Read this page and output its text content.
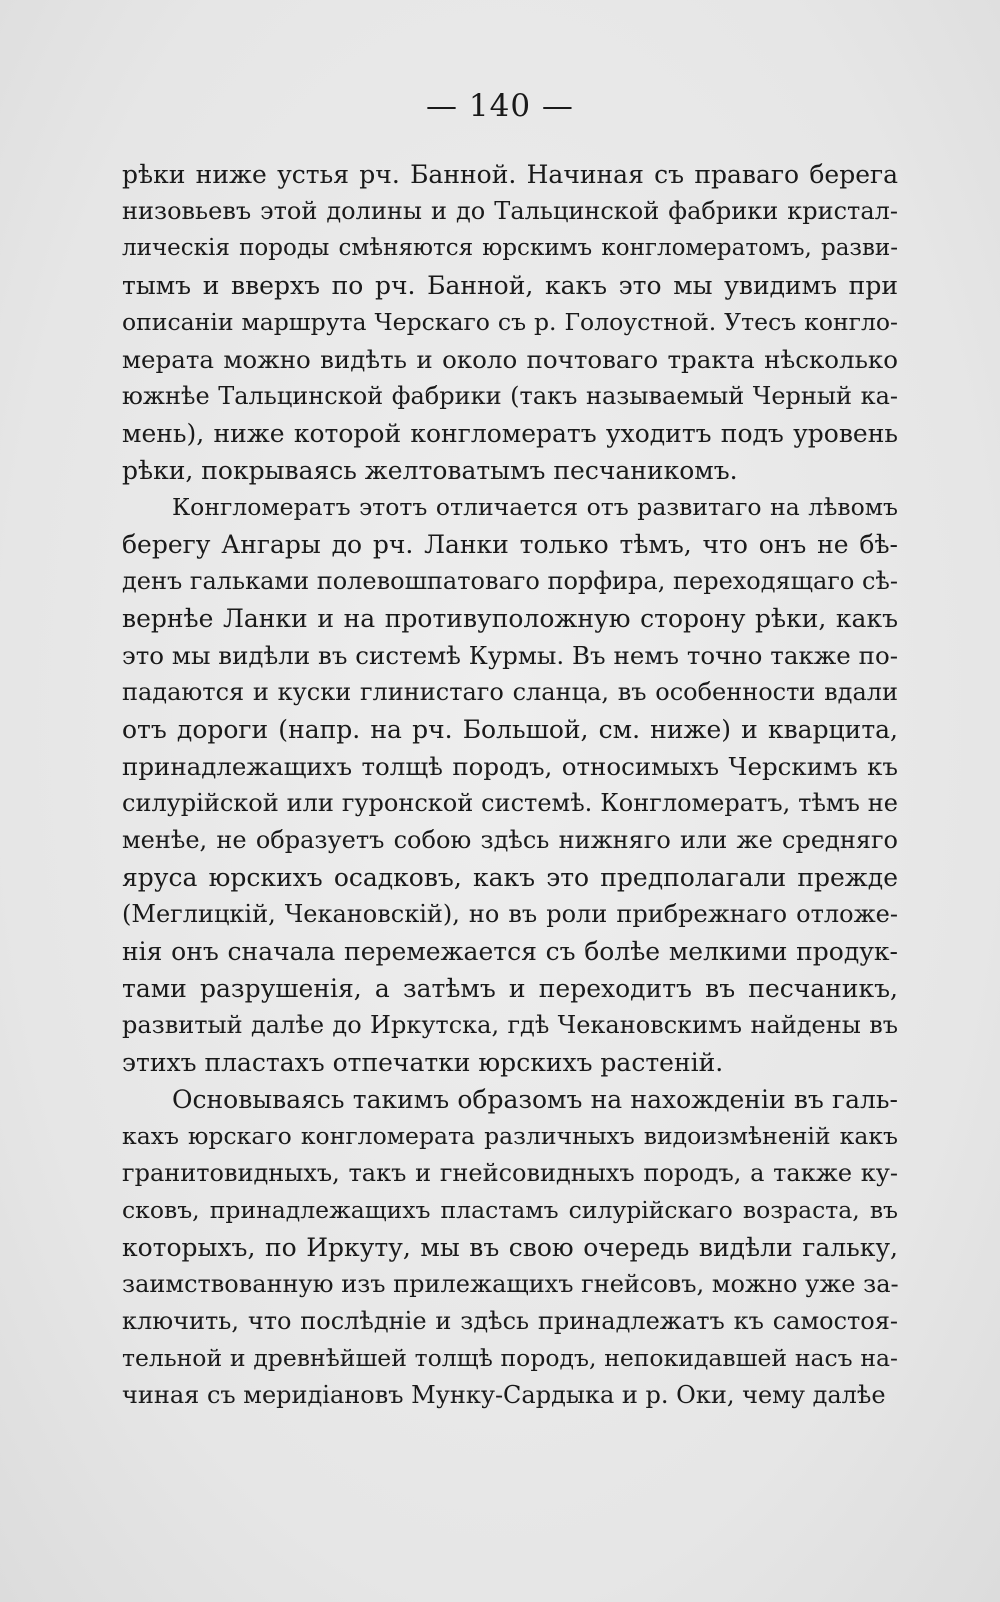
— 140 —
рѣки ниже устья рч. Банной. Начиная съ праваго берега
низовьевъ этой долины и до Тальцинской фабрики кристал-
лическія породы смѣняются юрскимъ конгломератомъ, разви-
тымъ и вверхъ по рч. Банной, какъ это мы увидимъ при
описаніи маршрута Черскаго съ р. Голоустной. Утесъ конгло-
мерата можно видѣть и около почтоваго тракта нѣсколько
южнѣе Тальцинской фабрики (такъ называемый Черный ка-
мень), ниже которой конгломератъ уходитъ подъ уровень
рѣки, покрываясь желтоватымъ песчаникомъ.
Конгломератъ этотъ отличается отъ развитаго на лѣвомъ
берегу Ангары до рч. Ланки только тѣмъ, что онъ не бѣ-
денъ гальками полевошпатоваго порфира, переходящаго сѣ-
вернѣе Ланки и на противуположную сторону рѣки, какъ
это мы видѣли въ системѣ Курмы. Въ немъ точно также по-
падаются и куски глинистаго сланца, въ особенности вдали
отъ дороги (напр. на рч. Большой, см. ниже) и кварцита,
принадлежащихъ толщѣ породъ, относимыхъ Черскимъ къ
силурійской или гуронской системѣ. Конгломератъ, тѣмъ не
менѣе, не образуетъ собою здѣсь нижняго или же средняго
яруса юрскихъ осадковъ, какъ это предполагали прежде
(Меглицкій, Чекановскій), но въ роли прибрежнаго отложе-
нія онъ сначала перемежается съ болѣе мелкими продук-
тами разрушенія, а затѣмъ и переходитъ въ песчаникъ,
развитый далѣе до Иркутска, гдѣ Чекановскимъ найдены въ
этихъ пластахъ отпечатки юрскихъ растеній.
Основываясь такимъ образомъ на нахожденіи въ галь-
кахъ юрскаго конгломерата различныхъ видоизмѣненій какъ
гранитовидныхъ, такъ и гнейсовидныхъ породъ, а также ку-
сковъ, принадлежащихъ пластамъ силурійскаго возраста, въ
которыхъ, по Иркуту, мы въ свою очередь видѣли гальку,
заимствованную изъ прилежащихъ гнейсовъ, можно уже за-
ключить, что послѣдніе и здѣсь принадлежатъ къ самостоя-
тельной и древнѣйшей толщѣ породъ, непокидавшей насъ на-
чиная съ меридіановъ Мунку-Сардыка и р. Оки, чему далѣе
